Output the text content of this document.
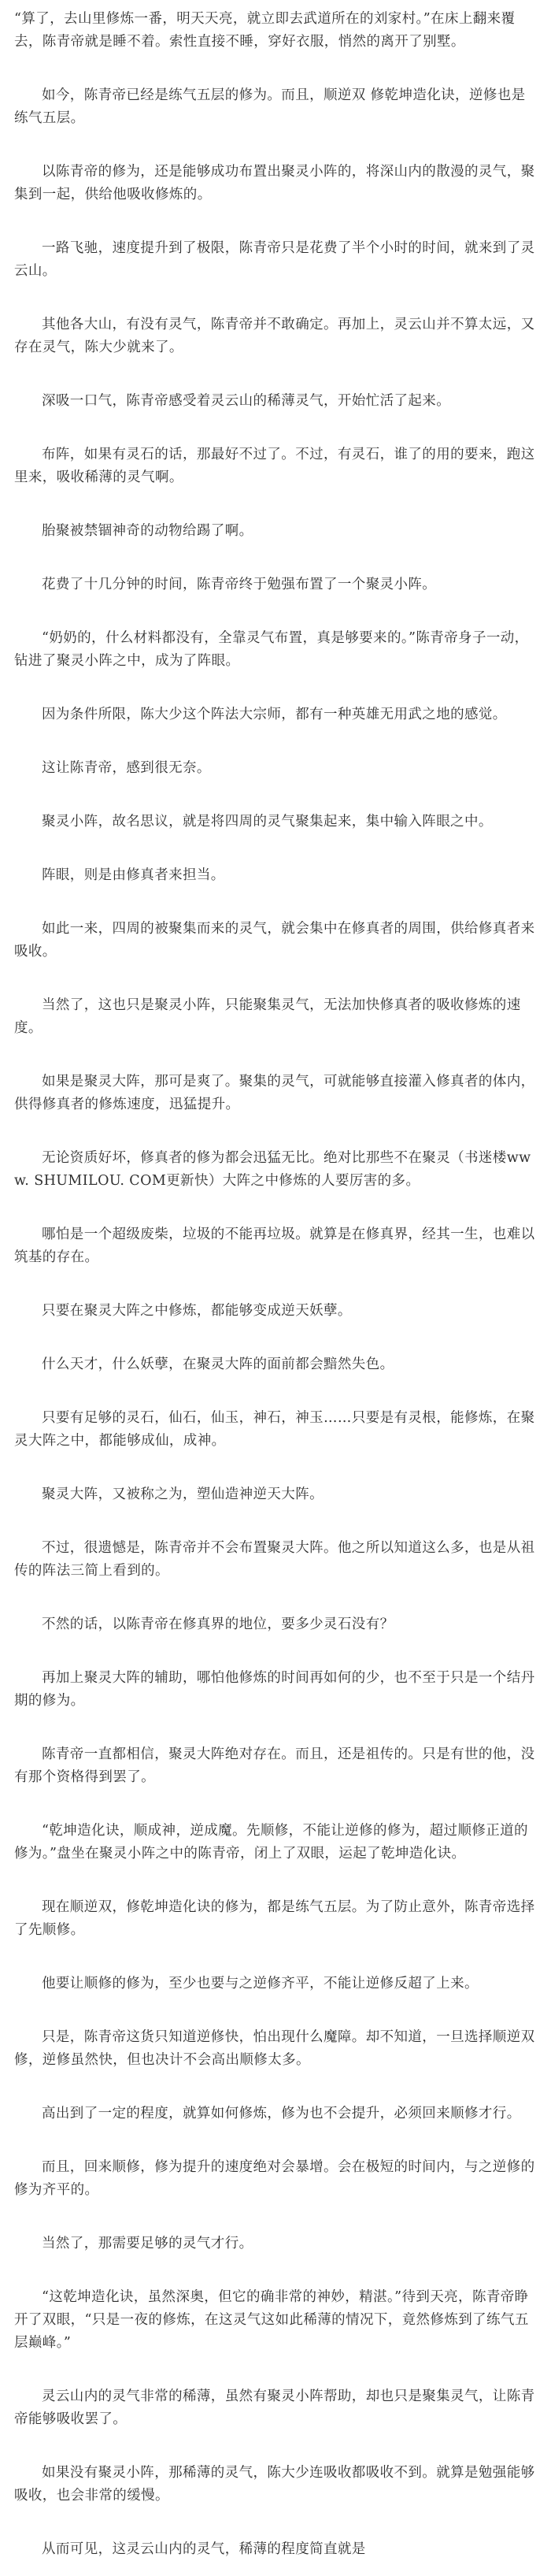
“算了，去山里修炼一番，明天天亮，就立即去武道所在的刘家村。”在床上翻来覆去，陈青帝就是睡不着。索性直接不睡，穿好衣服，悄然的离开了别墅。

如今，陈青帝已经是练气五层的修为。而且，顺逆双 修乾坤造化诀，逆修也是练气五层。

以陈青帝的修为，还是能够成功布置出聚灵小阵的，将深山内的散漫的灵气，聚集到一起，供给他吸收修炼的。

一路飞驰，速度提升到了极限，陈青帝只是花费了半个小时的时间，就来到了灵云山。

其他各大山，有没有灵气，陈青帝并不敢确定。再加上，灵云山并不算太远，又存在灵气，陈大少就来了。

深吸一口气，陈青帝感受着灵云山的稀薄灵气，开始忙活了起来。

布阵，如果有灵石的话，那最好不过了。不过，有灵石，谁了的用的要来，跑这里来，吸收稀薄的灵气啊。

胎聚被禁锢神奇的动物给踢了啊。

花费了十几分钟的时间，陈青帝终于勉强布置了一个聚灵小阵。

“奶奶的，什么材料都没有，全靠灵气布置，真是够要来的。”陈青帝身子一动，钻进了聚灵小阵之中，成为了阵眼。

因为条件所限，陈大少这个阵法大宗师，都有一种英雄无用武之地的感觉。

这让陈青帝，感到很无奈。

聚灵小阵，故名思议，就是将四周的灵气聚集起来，集中输入阵眼之中。

阵眼，则是由修真者来担当。

如此一来，四周的被聚集而来的灵气，就会集中在修真者的周围，供给修真者来吸收。

当然了，这也只是聚灵小阵，只能聚集灵气，无法加快修真者的吸收修炼的速度。

如果是聚灵大阵，那可是爽了。聚集的灵气，可就能够直接灌入修真者的体内，供得修真者的修炼速度，迅猛提升。

无论资质好坏，修真者的修为都会迅猛无比。绝对比那些不在聚灵（书迷楼www. SHUMILOU. COM更新快）大阵之中修炼的人要厉害的多。

哪怕是一个超级废柴，垃圾的不能再垃圾。就算是在修真界，经其一生，也难以筑基的存在。

只要在聚灵大阵之中修炼，都能够变成逆天妖孽。

什么天才，什么妖孽，在聚灵大阵的面前都会黯然失色。

只要有足够的灵石，仙石，仙玉，神石，神玉……只要是有灵根，能修炼，在聚灵大阵之中，都能够成仙，成神。

聚灵大阵，又被称之为，塑仙造神逆天大阵。

不过，很遗憾是，陈青帝并不会布置聚灵大阵。他之所以知道这么多，也是从祖传的阵法三简上看到的。

不然的话，以陈青帝在修真界的地位，要多少灵石没有？

再加上聚灵大阵的辅助，哪怕他修炼的时间再如何的少，也不至于只是一个结丹期的修为。

陈青帝一直都相信，聚灵大阵绝对存在。而且，还是祖传的。只是有世的他，没有那个资格得到罢了。

“乾坤造化诀，顺成神，逆成魔。先顺修，不能让逆修的修为，超过顺修正道的修为。”盘坐在聚灵小阵之中的陈青帝，闭上了双眼，运起了乾坤造化诀。

现在顺逆双，修乾坤造化诀的修为，都是练气五层。为了防止意外，陈青帝选择了先顺修。

他要让顺修的修为，至少也要与之逆修齐平，不能让逆修反超了上来。

只是，陈青帝这货只知道逆修快，怕出现什么魔障。却不知道，一旦选择顺逆双 修，逆修虽然快，但也决计不会高出顺修太多。

高出到了一定的程度，就算如何修炼，修为也不会提升，必须回来顺修才行。

而且，回来顺修，修为提升的速度绝对会暴增。会在极短的时间内，与之逆修的修为齐平的。

当然了，那需要足够的灵气才行。

“这乾坤造化诀，虽然深奥，但它的确非常的神妙，精湛。”待到天亮，陈青帝睁开了双眼，“只是一夜的修炼，在这灵气这如此稀薄的情况下，竟然修炼到了练气五层巅峰。”

灵云山内的灵气非常的稀薄，虽然有聚灵小阵帮助，却也只是聚集灵气，让陈青帝能够吸收罢了。

如果没有聚灵小阵，那稀薄的灵气，陈大少连吸收都吸收不到。就算是勉强能够吸收，也会非常的缓慢。

从而可见，这灵云山内的灵气，稀薄的程度简直就是
